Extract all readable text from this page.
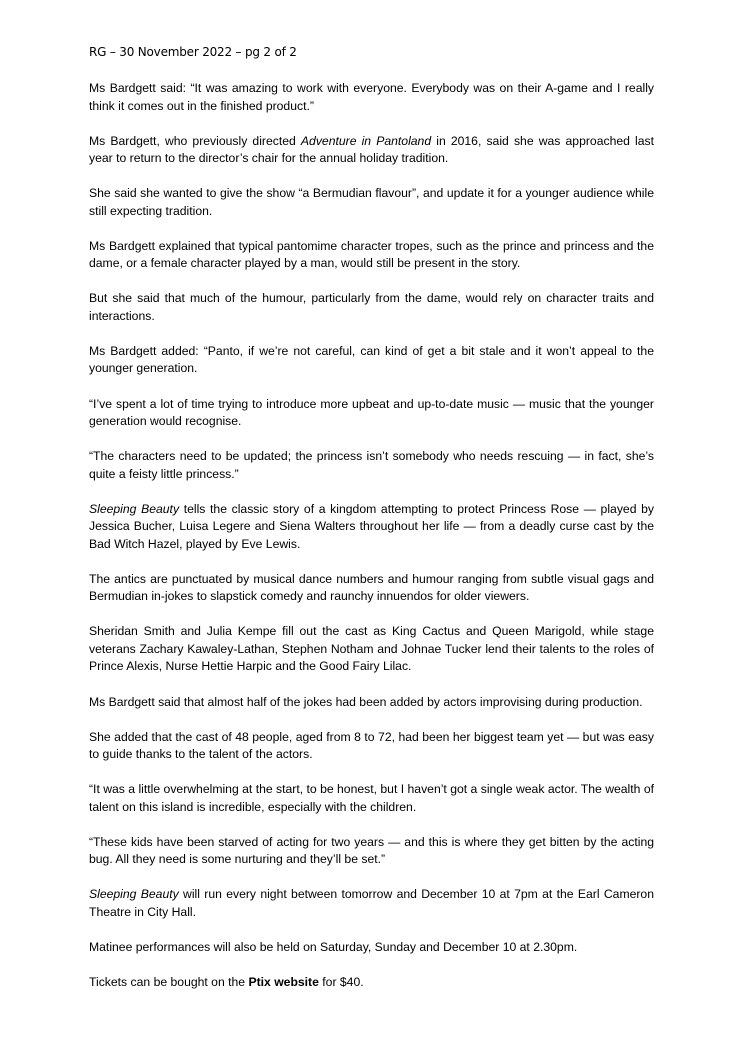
RG – 30 November 2022 – pg 2 of 2

Ms Bardgett said: “It was amazing to work with everyone. Everybody was on their A-game and I really think it comes out in the finished product.”

Ms Bardgett, who previously directed Adventure in Pantoland in 2016, said she was approached last year to return to the director’s chair for the annual holiday tradition.

She said she wanted to give the show “a Bermudian flavour”, and update it for a younger audience while still expecting tradition.

Ms Bardgett explained that typical pantomime character tropes, such as the prince and princess and the dame, or a female character played by a man, would still be present in the story.

But she said that much of the humour, particularly from the dame, would rely on character traits and interactions.

Ms Bardgett added: “Panto, if we’re not careful, can kind of get a bit stale and it won’t appeal to the younger generation.

“I’ve spent a lot of time trying to introduce more upbeat and up-to-date music — music that the younger generation would recognise.

“The characters need to be updated; the princess isn’t somebody who needs rescuing — in fact, she’s quite a feisty little princess.”

Sleeping Beauty tells the classic story of a kingdom attempting to protect Princess Rose — played by Jessica Bucher, Luisa Legere and Siena Walters throughout her life — from a deadly curse cast by the Bad Witch Hazel, played by Eve Lewis.

The antics are punctuated by musical dance numbers and humour ranging from subtle visual gags and Bermudian in-jokes to slapstick comedy and raunchy innuendos for older viewers.

Sheridan Smith and Julia Kempe fill out the cast as King Cactus and Queen Marigold, while stage veterans Zachary Kawaley-Lathan, Stephen Notham and Johnae Tucker lend their talents to the roles of Prince Alexis, Nurse Hettie Harpic and the Good Fairy Lilac.

Ms Bardgett said that almost half of the jokes had been added by actors improvising during production.

She added that the cast of 48 people, aged from 8 to 72, had been her biggest team yet — but was easy to guide thanks to the talent of the actors.

“It was a little overwhelming at the start, to be honest, but I haven’t got a single weak actor. The wealth of talent on this island is incredible, especially with the children.

“These kids have been starved of acting for two years — and this is where they get bitten by the acting bug. All they need is some nurturing and they’ll be set.”

Sleeping Beauty will run every night between tomorrow and December 10 at 7pm at the Earl Cameron Theatre in City Hall.

Matinee performances will also be held on Saturday, Sunday and December 10 at 2.30pm.

Tickets can be bought on the Ptix website for $40.
